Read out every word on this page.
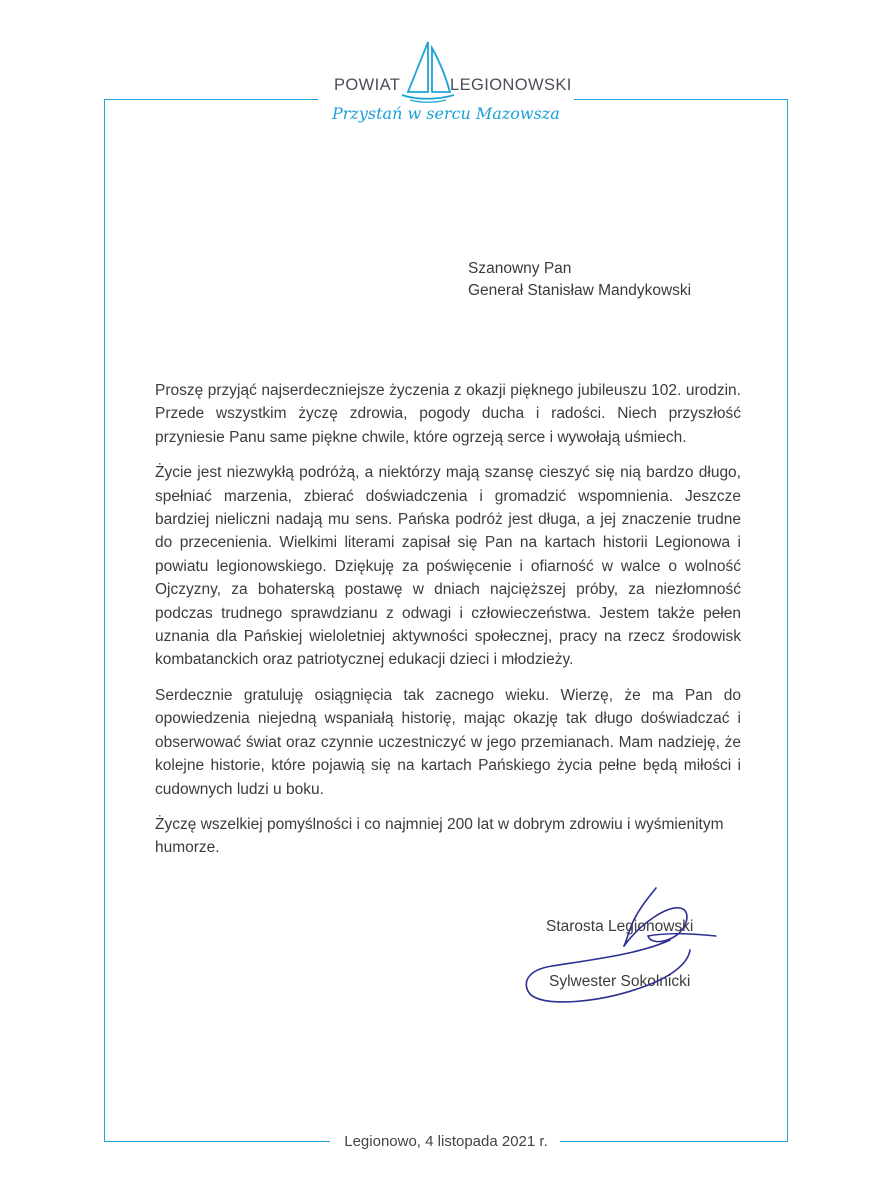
POWIAT	LEGIONOWSKI
Przystań w sercu Mazowsza
Szanowny Pan
Generał Stanisław Mandykowski

Proszę przyjąć najserdeczniejsze życzenia z okazji pięknego jubileuszu 102. urodzin. Przede wszystkim życzę zdrowia, pogody ducha i radości. Niech przyszłość przyniesie Panu same piękne chwile, które ogrzeją serce i wywołają uśmiech.

Życie jest niezwykłą podróżą, a niektórzy mają szansę cieszyć się nią bardzo długo, spełniać marzenia, zbierać doświadczenia i gromadzić wspomnienia. Jeszcze bardziej nieliczni nadają mu sens. Pańska podróż jest długa, a jej znaczenie trudne do przecenienia. Wielkimi literami zapisał się Pan na kartach historii Legionowa i powiatu legionowskiego. Dziękuję za poświęcenie i ofiarność w walce o wolność Ojczyzny, za bohaterską postawę w dniach najcięższej próby, za niezłomność podczas trudnego sprawdzianu z odwagi i człowieczeństwa. Jestem także pełen uznania dla Pańskiej wieloletniej aktywności społecznej, pracy na rzecz środowisk kombatanckich oraz patriotycznej edukacji dzieci i młodzieży.

Serdecznie gratuluję osiągnięcia tak zacnego wieku. Wierzę, że ma Pan do opowiedzenia niejedną wspaniałą historię, mając okazję tak długo doświadczać i obserwować świat oraz czynnie uczestniczyć w jego przemianach. Mam nadzieję, że kolejne historie, które pojawią się na kartach Pańskiego życia pełne będą miłości i cudownych ludzi u boku.

Życzę wszelkiej pomyślności i co najmniej 200 lat w dobrym zdrowiu i wyśmienitym humorze.

Starosta Legionowski
Sylwester Sokolnicki
Legionowo, 4 listopada 2021 r.
